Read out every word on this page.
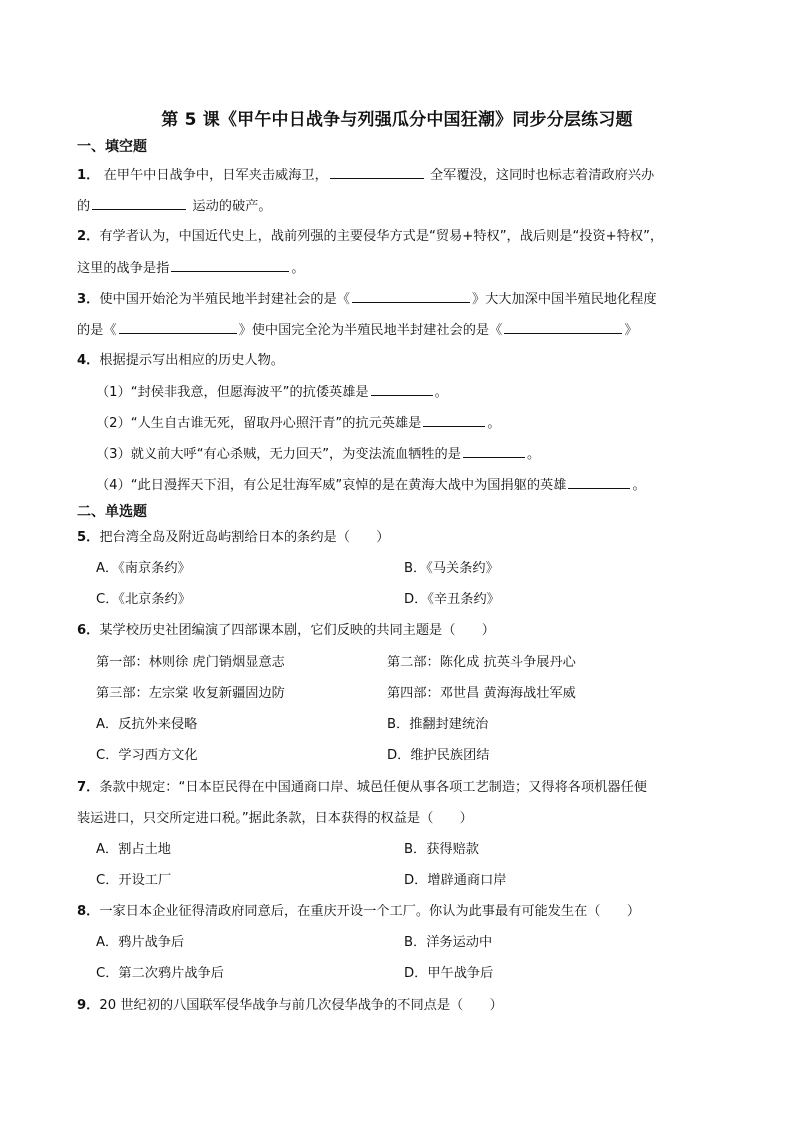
第 5 课《甲午中日战争与列强瓜分中国狂潮》同步分层练习题
一、填空题
1． 在甲午中日战争中，日军夹击威海卫，	全军覆没，这同时也标志着清政府兴办
的	运动的破产。
2．有学者认为，中国近代史上，战前列强的主要侵华方式是“贸易+特权”，战后则是“投资+特权”，
这里的战争是指	。
3．使中国开始沦为半殖民地半封建社会的是《	》大大加深中国半殖民地化程度
的是《	》使中国完全沦为半殖民地半封建社会的是《	》
4．根据提示写出相应的历史人物。
（1）“封侯非我意，但愿海波平”的抗倭英雄是	。
（2）“人生自古谁无死，留取丹心照汗青”的抗元英雄是	。
（3）就义前大呼“有心杀贼，无力回天”，为变法流血牺牲的是	。
（4）“此日漫挥天下泪，有公足壮海军威”哀悼的是在黄海大战中为国捐躯的英雄	。
二、单选题
5．把台湾全岛及附近岛屿割给日本的条约是（　　）
A．《南京条约》	B．《马关条约》
C．《北京条约》	D．《辛丑条约》
6．某学校历史社团编演了四部课本剧，它们反映的共同主题是（　　）
第一部：林则徐 虎门销烟显意志	第二部：陈化成 抗英斗争展丹心
第三部：左宗棠 收复新疆固边防	第四部：邓世昌 黄海海战壮军威
A．反抗外来侵略	B．推翻封建统治
C．学习西方文化	D．维护民族团结
7．条款中规定：“日本臣民得在中国通商口岸、城邑任便从事各项工艺制造；又得将各项机器任便
装运进口，只交所定进口税。”据此条款，日本获得的权益是（　　）
A．割占土地	B．获得赔款
C．开设工厂	D．增辟通商口岸
8．一家日本企业征得清政府同意后，在重庆开设一个工厂。你认为此事最有可能发生在（　　）
A．鸦片战争后	B．洋务运动中
C．第二次鸦片战争后	D．甲午战争后
9．20 世纪初的八国联军侵华战争与前几次侵华战争的不同点是（　　）
